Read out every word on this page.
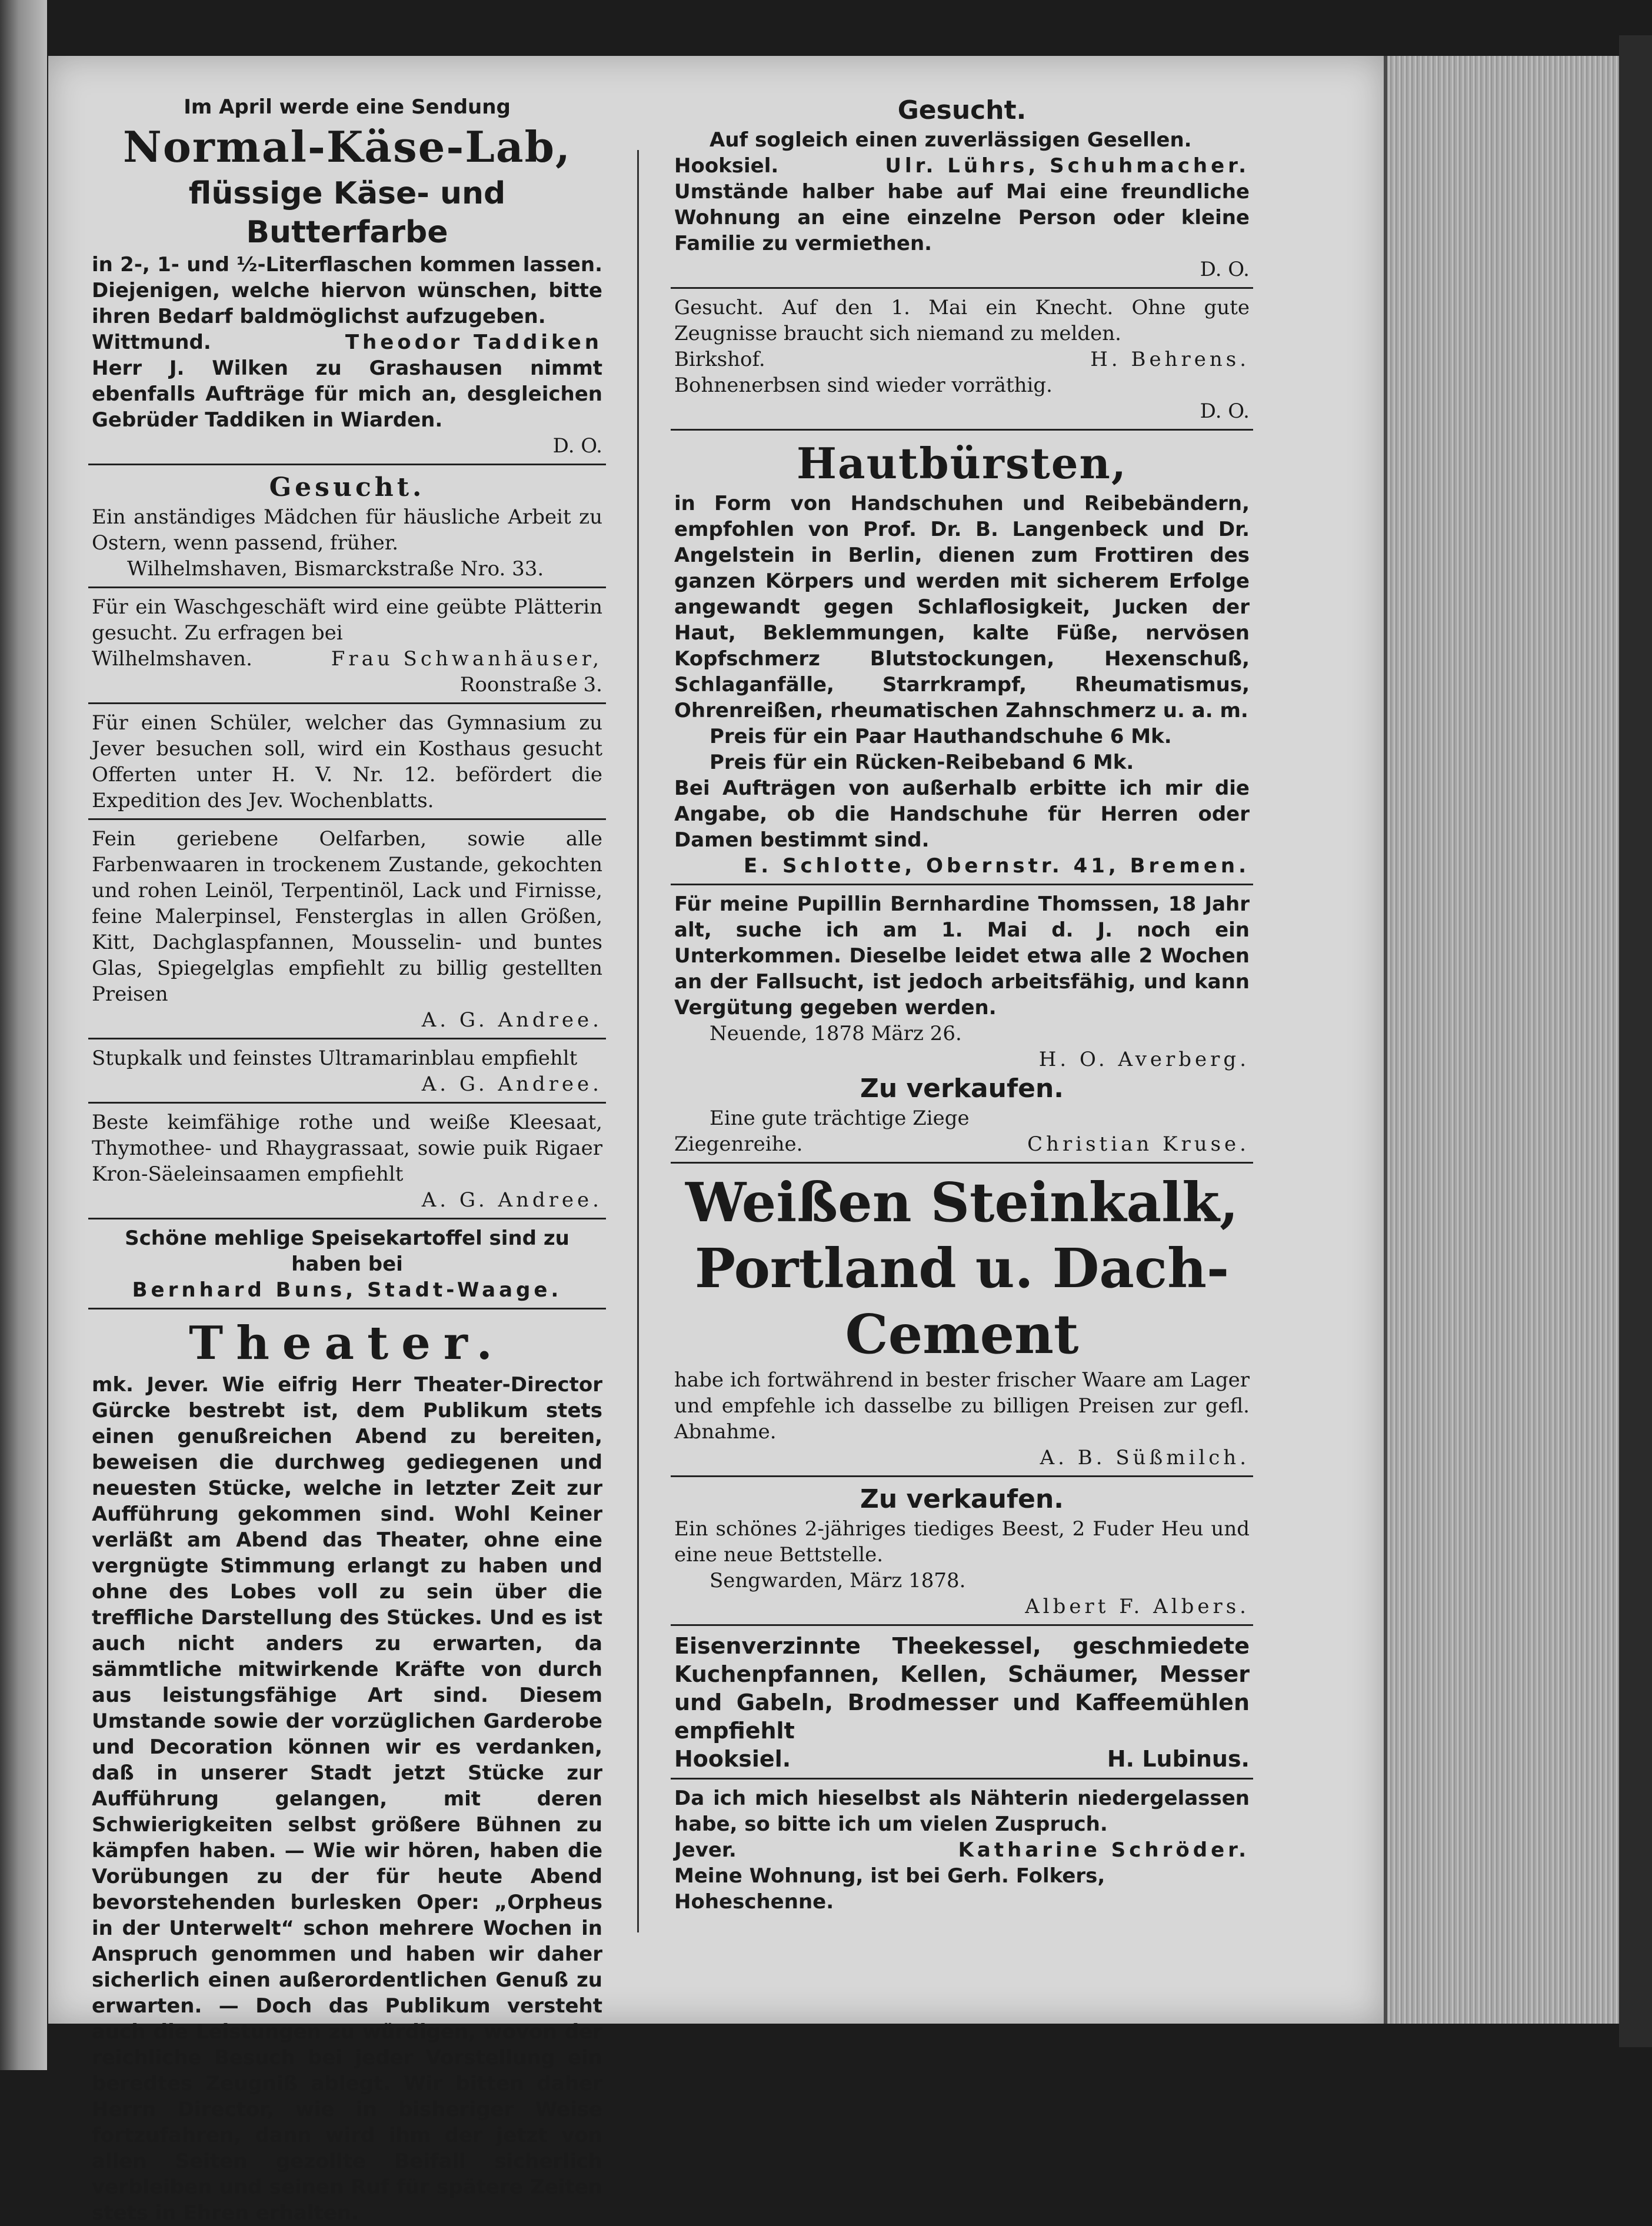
Im April werde eine Sendung

Normal-Käse-Lab,

flüssige Käse- und Butterfarbe

in 2-, 1- und ½-Literflaschen kommen lassen. Diejenigen, welche hiervon wünschen, bitte ihren Bedarf baldmöglichst aufzugeben.

Wittmund.	Theodor Taddiken

Herr J. Wilken zu Grashausen nimmt ebenfalls Aufträge für mich an, desgleichen Gebrüder Taddiken in Wiarden.

D. O.

Gesucht.

Ein anständiges Mädchen für häusliche Arbeit zu Ostern, wenn passend, früher.

Wilhelmshaven, Bismarckstraße Nro. 33.

Für ein Waschgeschäft wird eine geübte Plätterin gesucht. Zu erfragen bei

Wilhelmshaven.	Frau Schwanhäuser,

Roonstraße 3.

Für einen Schüler, welcher das Gymnasium zu Jever besuchen soll, wird ein Kosthaus gesucht Offerten unter H. V. Nr. 12. befördert die Expedition des Jev. Wochenblatts.

Fein geriebene Oelfarben, sowie alle Farbenwaaren in trockenem Zustande, gekochten und rohen Leinöl, Terpentinöl, Lack und Firnisse, feine Malerpinsel, Fensterglas in allen Größen, Kitt, Dachglaspfannen, Mousselin- und buntes Glas, Spiegelglas empfiehlt zu billig gestellten Preisen

A. G. Andree.

Stupkalk und feinstes Ultramarinblau empfiehlt

A. G. Andree.

Beste keimfähige rothe und weiße Kleesaat, Thymothee- und Rhaygrassaat, sowie puik Rigaer Kron-Säeleinsaamen empfiehlt

A. G. Andree.

Schöne mehlige Speisekartoffel sind zu haben bei

Bernhard Buns, Stadt-Waage.

Theater.

mk. Jever. Wie eifrig Herr Theater-Director Gürcke bestrebt ist, dem Publikum stets einen genußreichen Abend zu bereiten, beweisen die durchweg gediegenen und neuesten Stücke, welche in letzter Zeit zur Aufführung gekommen sind. Wohl Keiner verläßt am Abend das Theater, ohne eine vergnügte Stimmung erlangt zu haben und ohne des Lobes voll zu sein über die treffliche Darstellung des Stückes. Und es ist auch nicht anders zu erwarten, da sämmtliche mitwirkende Kräfte von durch aus leistungsfähige Art sind. Diesem Umstande sowie der vorzüglichen Garderobe und Decoration können wir es verdanken, daß in unserer Stadt jetzt Stücke zur Aufführung gelangen, mit deren Schwierigkeiten selbst größere Bühnen zu kämpfen haben. — Wie wir hören, haben die Vorübungen zu der für heute Abend bevorstehenden burlesken Oper: „Orpheus in der Unterwelt“ schon mehrere Wochen in Anspruch genommen und haben wir daher sicherlich einen außerordentlichen Genuß zu erwarten. — Doch das Publikum versteht auch die Leistungen zu würdigen, wovon der reichliche Besuch bei jeder Vorstellung ein beredtes Zeugniß ablegt. Wir bitten daher Herrn Director, wie in bisheriger Weise fortzufahren, dann wird ihm der jetzt von allen Seiten gezollte Beifall sicherlich verbleiben und seinen Ruf für spätere Zeiten stets in Ehren erhalten.

Gesucht.

Auf sogleich einen zuverlässigen Gesellen.

Hooksiel.	Ulr. Lührs, Schuhmacher.

Umstände halber habe auf Mai eine freundliche Wohnung an eine einzelne Person oder kleine Familie zu vermiethen.

D. O.

Gesucht. Auf den 1. Mai ein Knecht. Ohne gute Zeugnisse braucht sich niemand zu melden.

Birkshof.	H. Behrens.

Bohnenerbsen sind wieder vorräthig.

D. O.

Hautbürsten,

in Form von Handschuhen und Reibebändern, empfohlen von Prof. Dr. B. Langenbeck und Dr. Angelstein in Berlin, dienen zum Frottiren des ganzen Körpers und werden mit sicherem Erfolge angewandt gegen Schlaflosigkeit, Jucken der Haut, Beklemmungen, kalte Füße, nervösen Kopfschmerz Blutstockungen, Hexenschuß, Schlaganfälle, Starrkrampf, Rheumatismus, Ohrenreißen, rheumatischen Zahnschmerz u. a. m.

Preis für ein Paar Hauthandschuhe 6 Mk.

Preis für ein Rücken-Reibeband 6 Mk.

Bei Aufträgen von außerhalb erbitte ich mir die Angabe, ob die Handschuhe für Herren oder Damen bestimmt sind.

E. Schlotte, Obernstr. 41, Bremen.

Für meine Pupillin Bernhardine Thomssen, 18 Jahr alt, suche ich am 1. Mai d. J. noch ein Unterkommen. Dieselbe leidet etwa alle 2 Wochen an der Fallsucht, ist jedoch arbeitsfähig, und kann Vergütung gegeben werden.

Neuende, 1878 März 26.

H. O. Averberg.

Zu verkaufen.

Eine gute trächtige Ziege

Ziegenreihe.	Christian Kruse.

Weißen Steinkalk,

Portland u. Dach-Cement

habe ich fortwährend in bester frischer Waare am Lager und empfehle ich dasselbe zu billigen Preisen zur gefl. Abnahme.

A. B. Süßmilch.

Zu verkaufen.

Ein schönes 2-jähriges tiediges Beest, 2 Fuder Heu und eine neue Bettstelle.

Sengwarden, März 1878.

Albert F. Albers.

Eisenverzinnte Theekessel, geschmiedete Kuchenpfannen, Kellen, Schäumer, Messer und Gabeln, Brodmesser und Kaffeemühlen empfiehlt

Hooksiel.	H. Lubinus.

Da ich mich hieselbst als Nähterin niedergelassen habe, so bitte ich um vielen Zuspruch.

Jever.	Katharine Schröder.

Meine Wohnung, ist bei Gerh. Folkers, Hoheschenne.
